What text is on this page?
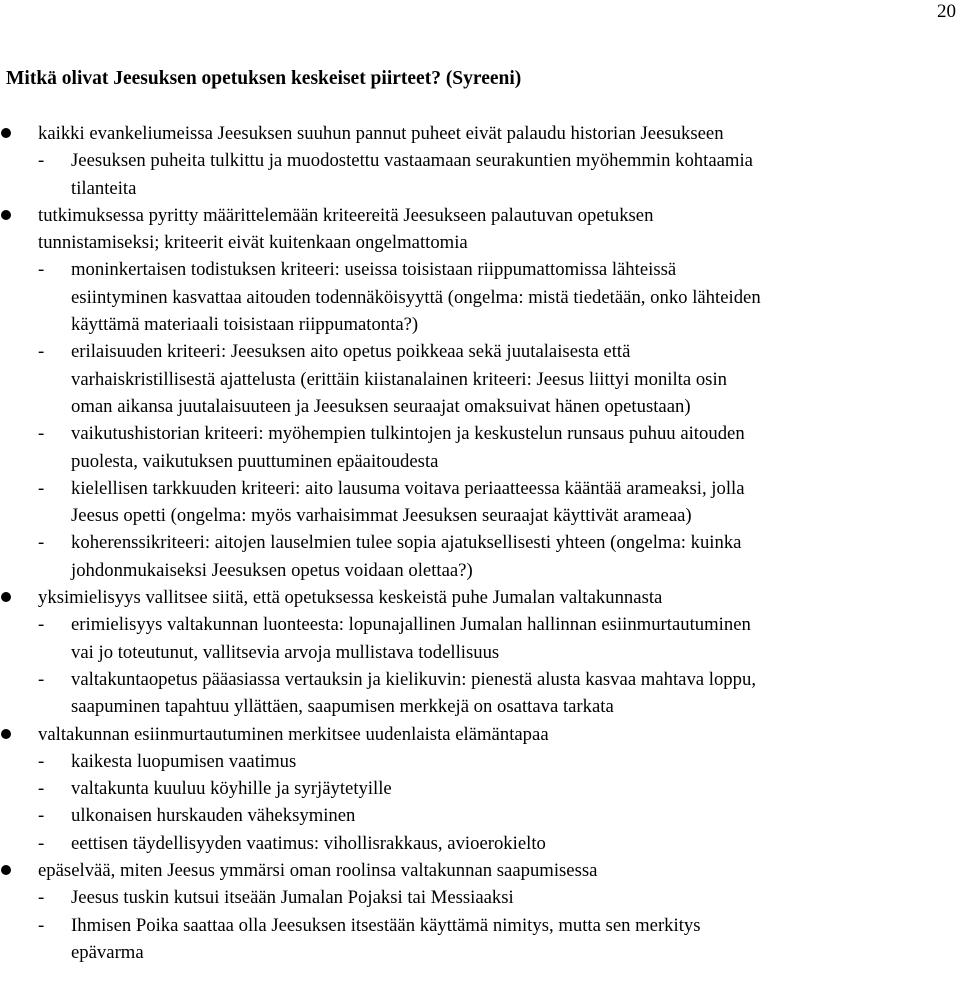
20
Mitkä olivat Jeesuksen opetuksen keskeiset piirteet? (Syreeni)
kaikki evankeliumeissa Jeesuksen suuhun pannut puheet eivät palaudu historian Jeesukseen
- Jeesuksen puheita tulkittu ja muodostettu vastaamaan seurakuntien myöhemmin kohtaamia
tilanteita
tutkimuksessa pyritty määrittelemään kriteereitä Jeesukseen palautuvan opetuksen
tunnistamiseksi; kriteerit eivät kuitenkaan ongelmattomia
- moninkertaisen todistuksen kriteeri: useissa toisistaan riippumattomissa lähteissä
esiintyminen kasvattaa aitouden todennäköisyyttä (ongelma: mistä tiedetään, onko lähteiden
käyttämä materiaali toisistaan riippumatonta?)
- erilaisuuden kriteeri: Jeesuksen aito opetus poikkeaa sekä juutalaisesta että
varhaiskristillisestä ajattelusta (erittäin kiistanalainen kriteeri: Jeesus liittyi monilta osin
oman aikansa juutalaisuuteen ja Jeesuksen seuraajat omaksuivat hänen opetustaan)
- vaikutushistorian kriteeri: myöhempien tulkintojen ja keskustelun runsaus puhuu aitouden
puolesta, vaikutuksen puuttuminen epäaitoudesta
- kielellisen tarkkuuden kriteeri: aito lausuma voitava periaatteessa kääntää arameaksi, jolla
Jeesus opetti (ongelma: myös varhaisimmat Jeesuksen seuraajat käyttivät arameaa)
- koherenssikriteeri: aitojen lauselmien tulee sopia ajatuksellisesti yhteen (ongelma: kuinka
johdonmukaiseksi Jeesuksen opetus voidaan olettaa?)
yksimielisyys vallitsee siitä, että opetuksessa keskeistä puhe Jumalan valtakunnasta
- erimielisyys valtakunnan luonteesta: lopunajallinen Jumalan hallinnan esiinmurtautuminen
vai jo toteutunut, vallitsevia arvoja mullistava todellisuus
- valtakuntaopetus pääasiassa vertauksin ja kielikuvin: pienestä alusta kasvaa mahtava loppu,
saapuminen tapahtuu yllättäen, saapumisen merkkejä on osattava tarkata
valtakunnan esiinmurtautuminen merkitsee uudenlaista elämäntapaa
- kaikesta luopumisen vaatimus
- valtakunta kuuluu köyhille ja syrjäytetyille
- ulkonaisen hurskauden väheksyminen
- eettisen täydellisyyden vaatimus: vihollisrakkaus, avioerokielto
epäselvää, miten Jeesus ymmärsi oman roolinsa valtakunnan saapumisessa
- Jeesus tuskin kutsui itseään Jumalan Pojaksi tai Messiaaksi
- Ihmisen Poika saattaa olla Jeesuksen itsestään käyttämä nimitys, mutta sen merkitys
epävarma
